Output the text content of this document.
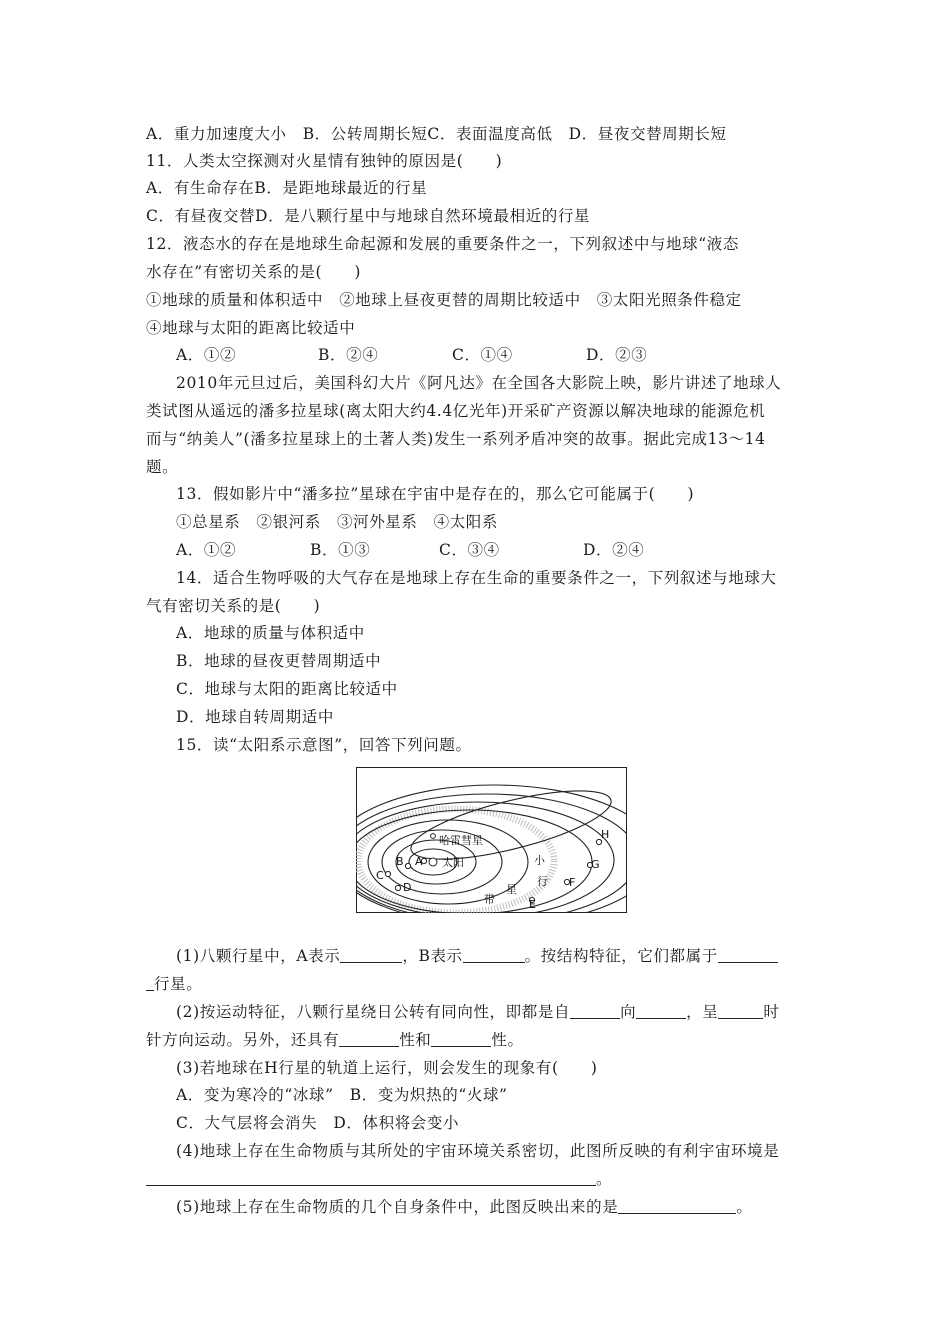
A．重力加速度大小　B．公转周期长短C．表面温度高低　D．昼夜交替周期长短
11．人类太空探测对火星情有独钟的原因是(　　)
A．有生命存在B．是距地球最近的行星
C．有昼夜交替D．是八颗行星中与地球自然环境最相近的行星
12．液态水的存在是地球生命起源和发展的重要条件之一，下列叙述中与地球“液态
水存在”有密切关系的是(　　)
①地球的质量和体积适中　②地球上昼夜更替的周期比较适中　③太阳光照条件稳定
④地球与太阳的距离比较适中
A．①②	B．②④	C．①④	D．②③
2010年元旦过后，美国科幻大片《阿凡达》在全国各大影院上映，影片讲述了地球人
类试图从遥远的潘多拉星球(离太阳大约4.4亿光年)开采矿产资源以解决地球的能源危机
而与“纳美人”(潘多拉星球上的土著人类)发生一系列矛盾冲突的故事。据此完成13～14
题。
13．假如影片中“潘多拉”星球在宇宙中是存在的，那么它可能属于(　　)
①总星系　②银河系　③河外星系　④太阳系
A．①②	B．①③	C．③④	D．②④
14．适合生物呼吸的大气存在是地球上存在生命的重要条件之一，下列叙述与地球大
气有密切关系的是(　　)
A．地球的质量与体积适中
B．地球的昼夜更替周期适中
C．地球与太阳的距离比较适中
D．地球自转周期适中
15．读“太阳系示意图”，回答下列问题。
哈雷彗星
太阳
A
B
C
D
E
F
G
H
小
行
星
带
(1)八颗行星中，A表示	，B表示	。按结构特征，它们都属于
行星。
(2)按运动特征，八颗行星绕日公转有同向性，即都是自	向	，呈	时
针方向运动。另外，还具有	性和	性。
(3)若地球在H行星的轨道上运行，则会发生的现象有(　　)
A．变为寒冷的“冰球”　B．变为炽热的“火球”
C．大气层将会消失　D．体积将会变小
(4)地球上存在生命物质与其所处的宇宙环境关系密切，此图所反映的有利宇宙环境是
。
(5)地球上存在生命物质的几个自身条件中，此图反映出来的是	。
